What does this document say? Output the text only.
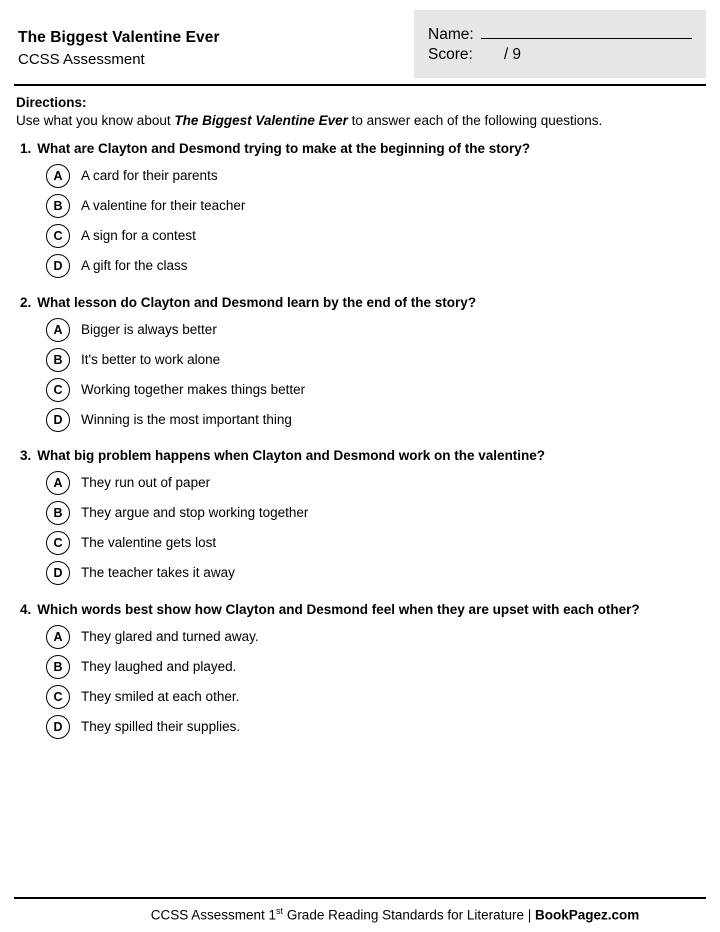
The Biggest Valentine Ever
CCSS Assessment
Name:
Score: / 9
Directions:
Use what you know about The Biggest Valentine Ever to answer each of the following questions.
1. What are Clayton and Desmond trying to make at the beginning of the story?
A	A card for their parents
B	A valentine for their teacher
C	A sign for a contest
D	A gift for the class
2. What lesson do Clayton and Desmond learn by the end of the story?
A	Bigger is always better
B	It's better to work alone
C	Working together makes things better
D	Winning is the most important thing
3. What big problem happens when Clayton and Desmond work on the valentine?
A	They run out of paper
B	They argue and stop working together
C	The valentine gets lost
D	The teacher takes it away
4. Which words best show how Clayton and Desmond feel when they are upset with each other?
A	They glared and turned away.
B	They laughed and played.
C	They smiled at each other.
D	They spilled their supplies.
CCSS Assessment 1st Grade Reading Standards for Literature | BookPagez.com
